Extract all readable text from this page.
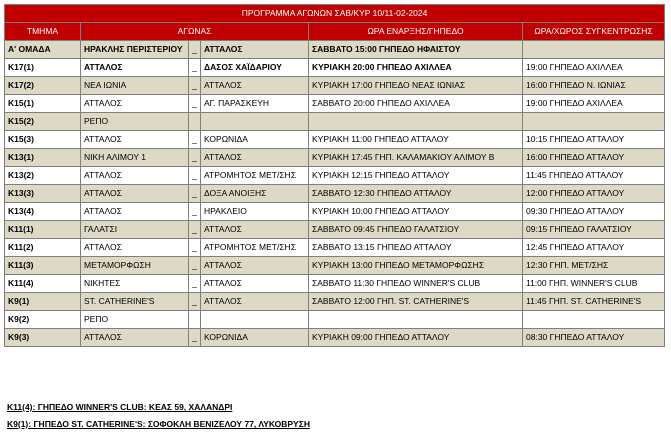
ΠΡΟΓΡΑΜΜΑ ΑΓΩΝΩΝ ΣΑΒ/ΚΥΡ 10/11-02-2024					
ΤΜΗΜΑ	ΑΓΩΝΑΣ			ΩΡΑ ΕΝΑΡΞΗΣ/ΓΗΠΕΔΟ	ΩΡΑ/ΧΩΡΟΣ ΣΥΓΚΕΝΤΡΩΣΗΣ
Α' ΟΜΑΔΑ	ΗΡΑΚΛΗΣ ΠΕΡΙΣΤΕΡΙΟΥ	_	ΑΤΤΑΛΟΣ	ΣΑΒΒΑΤΟ 15:00 ΓΗΠΕΔΟ ΗΦΑΙΣΤΟΥ	
K17(1)	ΑΤΤΑΛΟΣ	_	ΔΑΣΟΣ ΧΑΪΔΑΡΙΟΥ	ΚΥΡΙΑΚΗ 20:00 ΓΗΠΕΔΟ ΑΧΙΛΛΕΑ	19:00 ΓΗΠΕΔΟ ΑΧΙΛΛΕΑ
K17(2)	ΝΕΑ ΙΩΝΙΑ	_	ΑΤΤΑΛΟΣ	ΚΥΡΙΑΚΗ 17:00 ΓΗΠΕΔΟ ΝΕΑΣ ΙΩΝΙΑΣ	16:00 ΓΗΠΕΔΟ Ν. ΙΩΝΙΑΣ
K15(1)	ΑΤΤΑΛΟΣ	_	ΑΓ. ΠΑΡΑΣΚΕΥΗ	ΣΑΒΒΑΤΟ 20:00 ΓΗΠΕΔΟ ΑΧΙΛΛΕΑ	19:00 ΓΗΠΕΔΟ ΑΧΙΛΛΕΑ
K15(2)	ΡΕΠΟ				
K15(3)	ΑΤΤΑΛΟΣ	_	ΚΟΡΩΝΙΔΑ	ΚΥΡΙΑΚΗ 11:00 ΓΗΠΕΔΟ ΑΤΤΑΛΟΥ	10:15 ΓΗΠΕΔΟ ΑΤΤΑΛΟΥ
K13(1)	ΝΙΚΗ ΑΛΙΜΟΥ 1	_	ΑΤΤΑΛΟΣ	ΚΥΡΙΑΚΗ 17:45 ΓΗΠ. ΚΑΛΑΜΑΚΙΟΥ ΑΛΙΜΟΥ Β	16:00 ΓΗΠΕΔΟ ΑΤΤΑΛΟΥ
K13(2)	ΑΤΤΑΛΟΣ	_	ΑΤΡΟΜΗΤΟΣ ΜΕΤ/ΣΗΣ	ΚΥΡΙΑΚΗ 12:15 ΓΗΠΕΔΟ ΑΤΤΑΛΟΥ	11:45 ΓΗΠΕΔΟ ΑΤΤΑΛΟΥ
K13(3)	ΑΤΤΑΛΟΣ	_	ΔΟΞΑ ΑΝΟΙΞΗΣ	ΣΑΒΒΑΤΟ 12:30 ΓΗΠΕΔΟ ΑΤΤΑΛΟΥ	12:00 ΓΗΠΕΔΟ ΑΤΤΑΛΟΥ
K13(4)	ΑΤΤΑΛΟΣ	_	ΗΡΑΚΛΕΙΟ	ΚΥΡΙΑΚΗ 10:00 ΓΗΠΕΔΟ ΑΤΤΑΛΟΥ	09:30 ΓΗΠΕΔΟ ΑΤΤΑΛΟΥ
K11(1)	ΓΑΛΑΤΣΙ	_	ΑΤΤΑΛΟΣ	ΣΑΒΒΑΤΟ 09:45 ΓΗΠΕΔΟ ΓΑΛΑΤΣΙΟΥ	09:15 ΓΗΠΕΔΟ ΓΑΛΑΤΣΙΟΥ
K11(2)	ΑΤΤΑΛΟΣ	_	ΑΤΡΟΜΗΤΟΣ ΜΕΤ/ΣΗΣ	ΣΑΒΒΑΤΟ 13:15 ΓΗΠΕΔΟ ΑΤΤΑΛΟΥ	12:45 ΓΗΠΕΔΟ ΑΤΤΑΛΟΥ
K11(3)	ΜΕΤΑΜΟΡΦΩΣΗ	_	ΑΤΤΑΛΟΣ	ΚΥΡΙΑΚΗ 13:00 ΓΗΠΕΔΟ ΜΕΤΑΜΟΡΦΩΣΗΣ	12:30 ΓΗΠ. ΜΕΤ/ΣΗΣ
K11(4)	ΝΙΚΗΤΕΣ	_	ΑΤΤΑΛΟΣ	ΣΑΒΒΑΤΟ 11:30 ΓΗΠΕΔΟ WINNER'S CLUB	11:00 ΓΗΠ. WINNER'S CLUB
K9(1)	ST. CATHERINE'S	_	ΑΤΤΑΛΟΣ	ΣΑΒΒΑΤΟ 12:00 ΓΗΠ. ST. CATHERINE'S	11:45 ΓΗΠ. ST. CATHERINE'S
K9(2)	ΡΕΠΟ				
K9(3)	ΑΤΤΑΛΟΣ	_	ΚΟΡΩΝΙΔΑ	ΚΥΡΙΑΚΗ 09:00 ΓΗΠΕΔΟ ΑΤΤΑΛΟΥ	08:30 ΓΗΠΕΔΟ ΑΤΤΑΛΟΥ
K11(4): ΓΗΠΕΔΟ WINNER'S CLUB: ΚΕΑΣ 59, ΧΑΛΑΝΔΡΙ
K9(1): ΓΗΠΕΔΟ ST. CATHERINE'S: ΣΟΦΟΚΛΗ ΒΕΝΙΖΕΛΟΥ 77, ΛΥΚΟΒΡΥΣΗ
